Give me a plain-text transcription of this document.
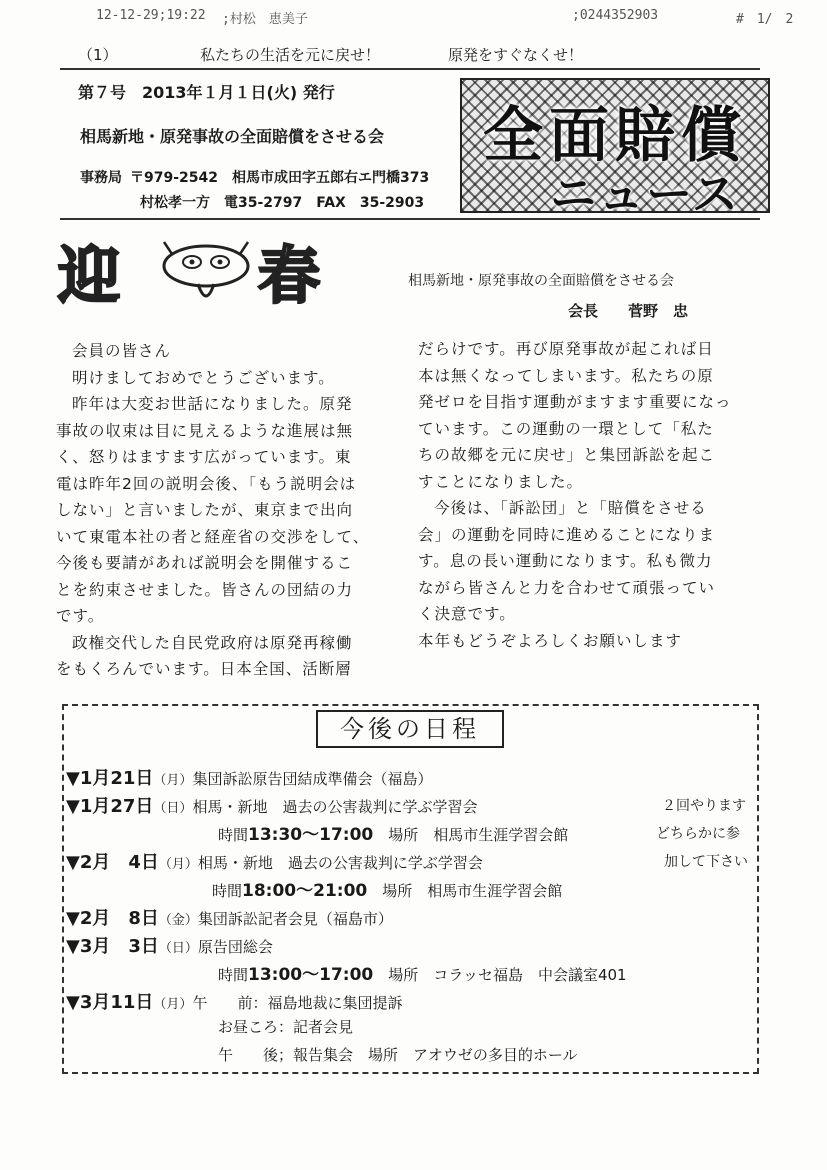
12-12-29;19:22 ;村松　恵美子	;0244352903	#　1/　2
（1）	私たちの生活を元に戻せ！	原発をすぐなくせ！
第７号　2013年１月１日(火) 発行
相馬新地・原発事故の全面賠償をさせる会
事務局 〒979-2542　相馬市成田字五郎右エ門橋373
村松孝一方　電35-2797　FAX　35-2903
全面賠償
ニュース
迎 春	相馬新地・原発事故の全面賠償をさせる会
会長　　菅野　忠

会員の皆さん

明けましておめでとうございます。

昨年は大変お世話になりました。原発

事故の収束は目に見えるような進展は無

く、怒りはますます広がっています。東

電は昨年2回の説明会後、「もう説明会は

しない」と言いましたが、東京まで出向

いて東電本社の者と経産省の交渉をして、

今後も要請があれば説明会を開催するこ

とを約束させました。皆さんの団結の力

です。

政権交代した自民党政府は原発再稼働

をもくろんでいます。日本全国、活断層

だらけです。再び原発事故が起これば日

本は無くなってしまいます。私たちの原

発ゼロを目指す運動がますます重要になっ

ています。この運動の一環として「私た

ちの故郷を元に戻せ」と集団訴訟を起こ

すことになりました。

今後は、「訴訟団」と「賠償をさせる

会」の運動を同時に進めることになりま

す。息の長い運動になります。私も微力

ながら皆さんと力を合わせて頑張ってい

く決意です。

本年もどうぞよろしくお願いします

今後の日程
▼1月21日（月）集団訴訟原告団結成準備会（福島）
▼1月27日（日）相馬・新地　過去の公害裁判に学ぶ学習会
時間13:30～17:00　場所　相馬市生涯学習会館
▼2月　4日（月）相馬・新地　過去の公害裁判に学ぶ学習会
時間18:00～21:00　場所　相馬市生涯学習会館
▼2月　8日（金）集団訴訟記者会見（福島市）
▼3月　3日（日）原告団総会
時間13:00～17:00　場所　コラッセ福島　中会議室401
▼3月11日（月）午　　前：福島地裁に集団提訴
お昼ころ：記者会見
午　　後；報告集会　場所　アオウゼの多目的ホール
２回やります
どちらかに参
加して下さい
